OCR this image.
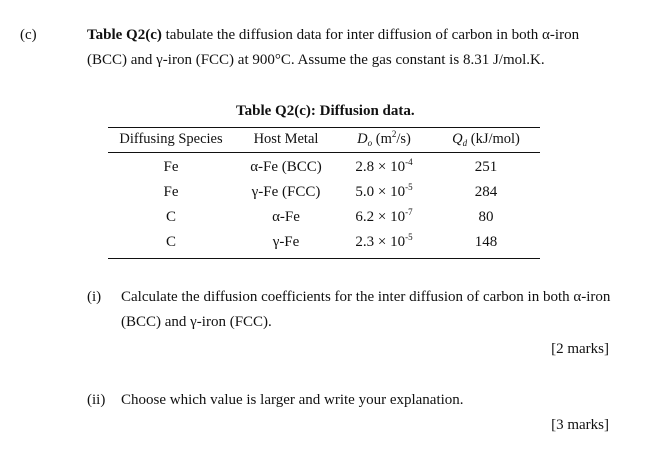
(c)	Table Q2(c) tabulate the diffusion data for inter diffusion of carbon in both α-iron
(BCC) and γ-iron (FCC) at 900°C. Assume the gas constant is 8.31 J/mol.K.
Table Q2(c): Diffusion data.
Diffusing Species	Host Metal	$D_o$ $(m^2/s)$	$Q_d$ (kJ/mol)
Fe	α-Fe (BCC)	$2.8 \times 10^{-4}$	251
Fe	γ-Fe (FCC)	$5.0 \times 10^{-5}$	284
C	α-Fe	$6.2 \times 10^{-7}$	80
C	γ-Fe	$2.3 \times 10^{-5}$	148
(i) Calculate the diffusion coefficients for the inter diffusion of carbon in both α-iron
(BCC) and γ-iron (FCC).
[2 marks]
(ii) Choose which value is larger and write your explanation.
[3 marks]
